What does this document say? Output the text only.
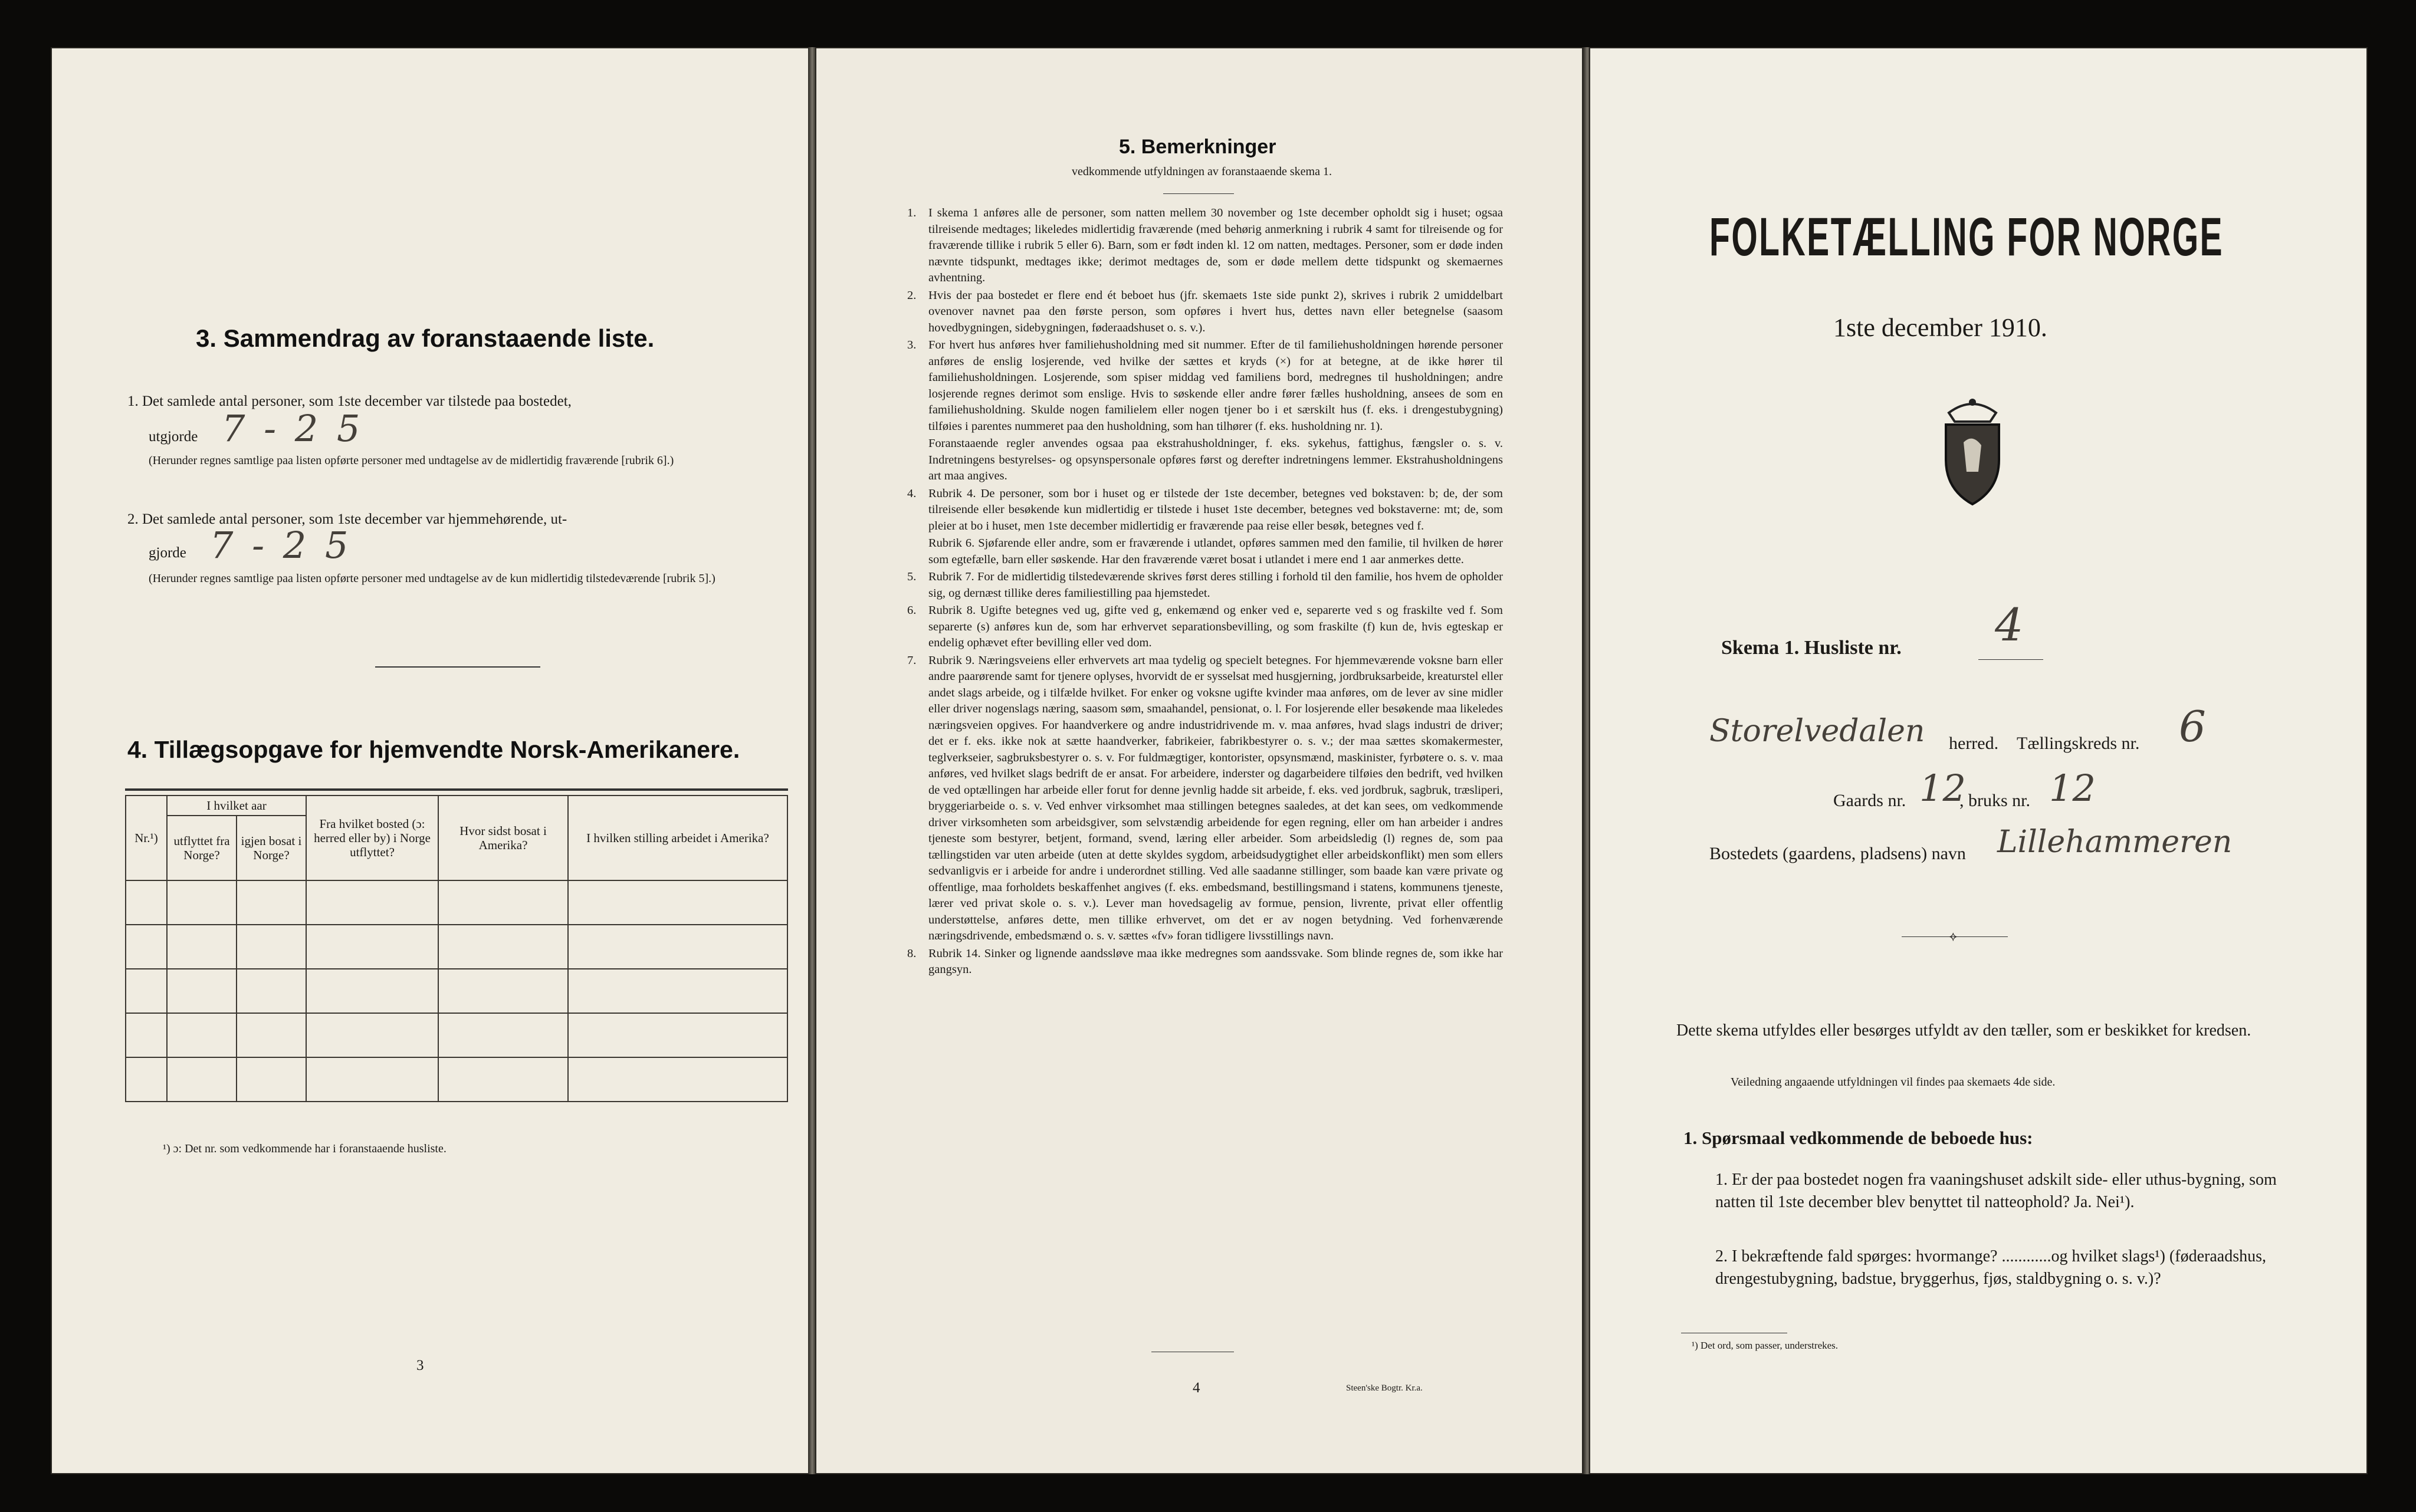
3. Sammendrag av foranstaaende liste.
1. Det samlede antal personer, som 1ste december var tilstede paa bostedet,
utgjorde 7 - 2 5
(Herunder regnes samtlige paa listen opførte personer med undtagelse av de midlertidig fraværende [rubrik 6].)
2. Det samlede antal personer, som 1ste december var hjemmehørende, ut-
gjorde 7 - 2 5
(Herunder regnes samtlige paa listen opførte personer med undtagelse av de kun midlertidig tilstedeværende [rubrik 5].)
4. Tillægsopgave for hjemvendte Norsk-Amerikanere.
Nr.¹)	I hvilket aar		Fra hvilket bosted (ɔ: herred eller by) i Norge utflyttet?	Hvor sidst bosat i Amerika?	I hvilken stilling arbeidet i Amerika?
	utflyttet fra Norge?	igjen bosat i Norge?			

¹) ɔ: Det nr. som vedkommende har i foranstaaende husliste.
3
5. Bemerkninger
vedkommende utfyldningen av foranstaaende skema 1.
1. I skema 1 anføres alle de personer, som natten mellem 30 november og 1ste december opholdt sig i huset; ogsaa tilreisende medtages; likeledes midlertidig fraværende (med behørig anmerkning i rubrik 4 samt for tilreisende og for fraværende tillike i rubrik 5 eller 6). Barn, som er født inden kl. 12 om natten, medtages. Personer, som er døde inden nævnte tidspunkt, medtages ikke; derimot medtages de, som er døde mellem dette tidspunkt og skemaernes avhentning.
2. Hvis der paa bostedet er flere end ét beboet hus (jfr. skemaets 1ste side punkt 2), skrives i rubrik 2 umiddelbart ovenover navnet paa den første person, som opføres i hvert hus, dettes navn eller betegnelse (saasom hovedbygningen, sidebygningen, føderaadshuset o. s. v.).
3. For hvert hus anføres hver familiehusholdning med sit nummer. Efter de til familiehusholdningen hørende personer anføres de enslig losjerende, ved hvilke der sættes et kryds (×) for at betegne, at de ikke hører til familiehusholdningen. Losjerende, som spiser middag ved familiens bord, medregnes til husholdningen; andre losjerende regnes derimot som enslige. Hvis to søskende eller andre fører fælles husholdning, ansees de som en familiehusholdning. Skulde nogen familielem eller nogen tjener bo i et særskilt hus (f. eks. i drengestubygning) tilføies i parentes nummeret paa den husholdning, som han tilhører (f. eks. husholdning nr. 1).
Foranstaaende regler anvendes ogsaa paa ekstrahusholdninger, f. eks. sykehus, fattighus, fængsler o. s. v. Indretningens bestyrelses- og opsynspersonale opføres først og derefter indretningens lemmer. Ekstrahusholdningens art maa angives.
4. Rubrik 4. De personer, som bor i huset og er tilstede der 1ste december, betegnes ved bokstaven: b; de, der som tilreisende eller besøkende kun midlertidig er tilstede i huset 1ste december, betegnes ved bokstaverne: mt; de, som pleier at bo i huset, men 1ste december midlertidig er fraværende paa reise eller besøk, betegnes ved f.
Rubrik 6. Sjøfarende eller andre, som er fraværende i utlandet, opføres sammen med den familie, til hvilken de hører som egtefælle, barn eller søskende. Har den fraværende været bosat i utlandet i mere end 1 aar anmerkes dette.
5. Rubrik 7. For de midlertidig tilstedeværende skrives først deres stilling i forhold til den familie, hos hvem de opholder sig, og dernæst tillike deres familiestilling paa hjemstedet.
6. Rubrik 8. Ugifte betegnes ved ug, gifte ved g, enkemænd og enker ved e, separerte ved s og fraskilte ved f. Som separerte (s) anføres kun de, som har erhvervet separationsbevilling, og som fraskilte (f) kun de, hvis egteskap er endelig ophævet efter bevilling eller ved dom.
7. Rubrik 9. Næringsveiens eller erhvervets art maa tydelig og specielt betegnes. For hjemmeværende voksne barn eller andre paarørende samt for tjenere oplyses, hvorvidt de er sysselsat med husgjerning, jordbruksarbeide, kreaturstel eller andet slags arbeide, og i tilfælde hvilket. For enker og voksne ugifte kvinder maa anføres, om de lever av sine midler eller driver nogenslags næring, saasom søm, smaahandel, pensionat, o. l. For losjerende eller besøkende maa likeledes næringsveien opgives. For haandverkere og andre industridrivende m. v. maa anføres, hvad slags industri de driver; det er f. eks. ikke nok at sætte haandverker, fabrikeier, fabrikbestyrer o. s. v.; der maa sættes skomakermester, teglverkseier, sagbruksbestyrer o. s. v. For fuldmægtiger, kontorister, opsynsmænd, maskinister, fyrbøtere o. s. v. maa anføres, ved hvilket slags bedrift de er ansat. For arbeidere, inderster og dagarbeidere tilføies den bedrift, ved hvilken de ved optællingen har arbeide eller forut for denne jevnlig hadde sit arbeide, f. eks. ved jordbruk, sagbruk, træsliperi, bryggeriarbeide o. s. v. Ved enhver virksomhet maa stillingen betegnes saaledes, at det kan sees, om vedkommende driver virksomheten som arbeidsgiver, som selvstændig arbeidende for egen regning, eller om han arbeider i andres tjeneste som bestyrer, betjent, formand, svend, læring eller arbeider. Som arbeidsledig (l) regnes de, som paa tællingstiden var uten arbeide (uten at dette skyldes sygdom, arbeidsudygtighet eller arbeidskonflikt) men som ellers sedvanligvis er i arbeide for andre i underordnet stilling. Ved alle saadanne stillinger, som baade kan være private og offentlige, maa forholdets beskaffenhet angives (f. eks. embedsmand, bestillingsmand i statens, kommunens tjeneste, lærer ved privat skole o. s. v.). Lever man hovedsagelig av formue, pension, livrente, privat eller offentlig understøttelse, anføres dette, men tillike erhvervet, om det er av nogen betydning. Ved forhenværende næringsdrivende, embedsmænd o. s. v. sættes «fv» foran tidligere livsstillings navn.
8. Rubrik 14. Sinker og lignende aandssløve maa ikke medregnes som aandssvake. Som blinde regnes de, som ikke har gangsyn.
4	Steen'ske Bogtr. Kr.a.
FOLKETÆLLING FOR NORGE
1ste december 1910.
Skema 1. Husliste nr. 4
Storelvedalen herred. Tællingskreds nr. 6
Gaards nr. 12
, bruks nr. 12
Bostedets (gaardens, pladsens) navn Lillehammeren
⟡
Dette skema utfyldes eller besørges utfyldt av den tæller, som er beskikket for kredsen.
Veiledning angaaende utfyldningen vil findes paa skemaets 4de side.
1. Spørsmaal vedkommende de beboede hus:
1. Er der paa bostedet nogen fra vaaningshuset adskilt side- eller uthus-bygning, som natten til 1ste december blev benyttet til natteophold? Ja. Nei¹).
2. I bekræftende fald spørges: hvormange? ............og hvilket slags¹) (føderaadshus, drengestubygning, badstue, bryggerhus, fjøs, staldbygning o. s. v.)?
¹) Det ord, som passer, understrekes.
